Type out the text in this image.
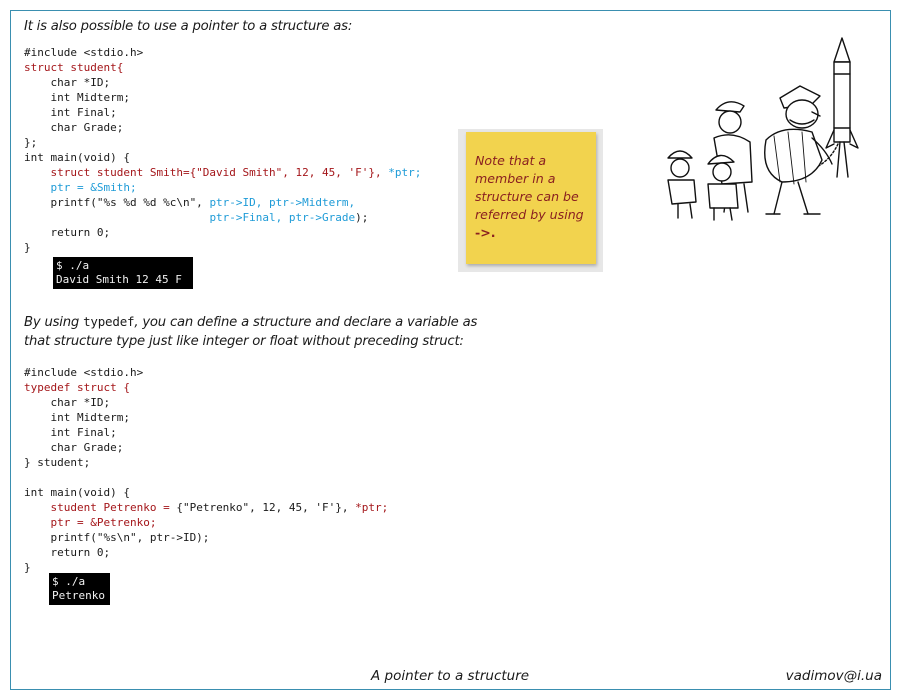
It is also possible to use a pointer to a structure as:
#include <stdio.h>
struct student{
char *ID;
int Midterm;
int Final;
char Grade;
};
int main(void) {
struct student Smith={"David Smith", 12, 45, 'F'}, *ptr;
ptr = &Smith;
printf("%s %d %d %c\n", ptr->ID, ptr->Midterm,
ptr->Final, ptr->Grade);
return 0;
}
$ ./a
David Smith 12 45 F
By using typedef, you can define a structure and declare a variable as that structure type just like integer or float without preceding struct:
#include <stdio.h>
typedef struct {
char *ID;
int Midterm;
int Final;
char Grade;
} student;

int main(void) {
student Petrenko = {"Petrenko", 12, 45, 'F'}, *ptr;
ptr = &Petrenko;
printf("%s\n", ptr->ID);
return 0;
}
$ ./a
Petrenko
Note that a member in a structure can be referred by using ->.
A pointer to a structure	vadimov@i.ua
